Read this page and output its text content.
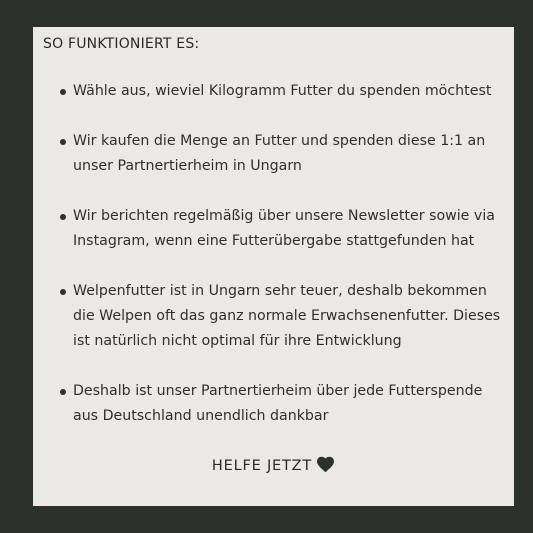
SO FUNKTIONIERT ES:
Wähle aus, wieviel Kilogramm Futter du spenden möchtest
Wir kaufen die Menge an Futter und spenden diese 1:1 an unser Partnertierheim in Ungarn
Wir berichten regelmäßig über unsere Newsletter sowie via Instagram, wenn eine Futterübergabe stattgefunden hat
Welpenfutter ist in Ungarn sehr teuer, deshalb bekommen die Welpen oft das ganz normale Erwachsenenfutter. Dieses ist natürlich nicht optimal für ihre Entwicklung
Deshalb ist unser Partnertierheim über jede Futterspende aus Deutschland unendlich dankbar
HELFE JETZT
